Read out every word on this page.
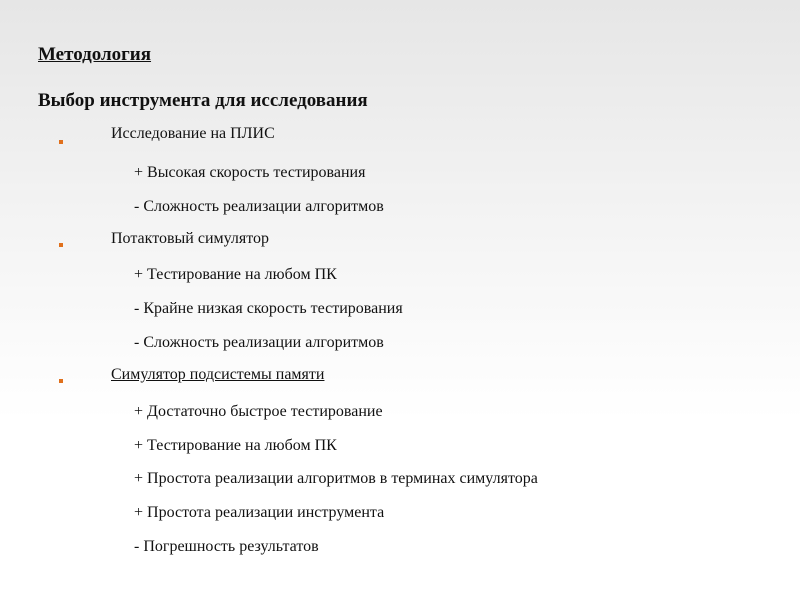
Методология
Выбор инструмента для исследования
Исследование на ПЛИС
+ Высокая скорость тестирования
- Сложность реализации алгоритмов
Потактовый симулятор
+ Тестирование на любом ПК
- Крайне низкая скорость тестирования
- Сложность реализации алгоритмов
Симулятор подсистемы памяти
+ Достаточно быстрое тестирование
+ Тестирование на любом ПК
+ Простота реализации алгоритмов в терминах симулятора
+ Простота реализации инструмента
- Погрешность результатов
